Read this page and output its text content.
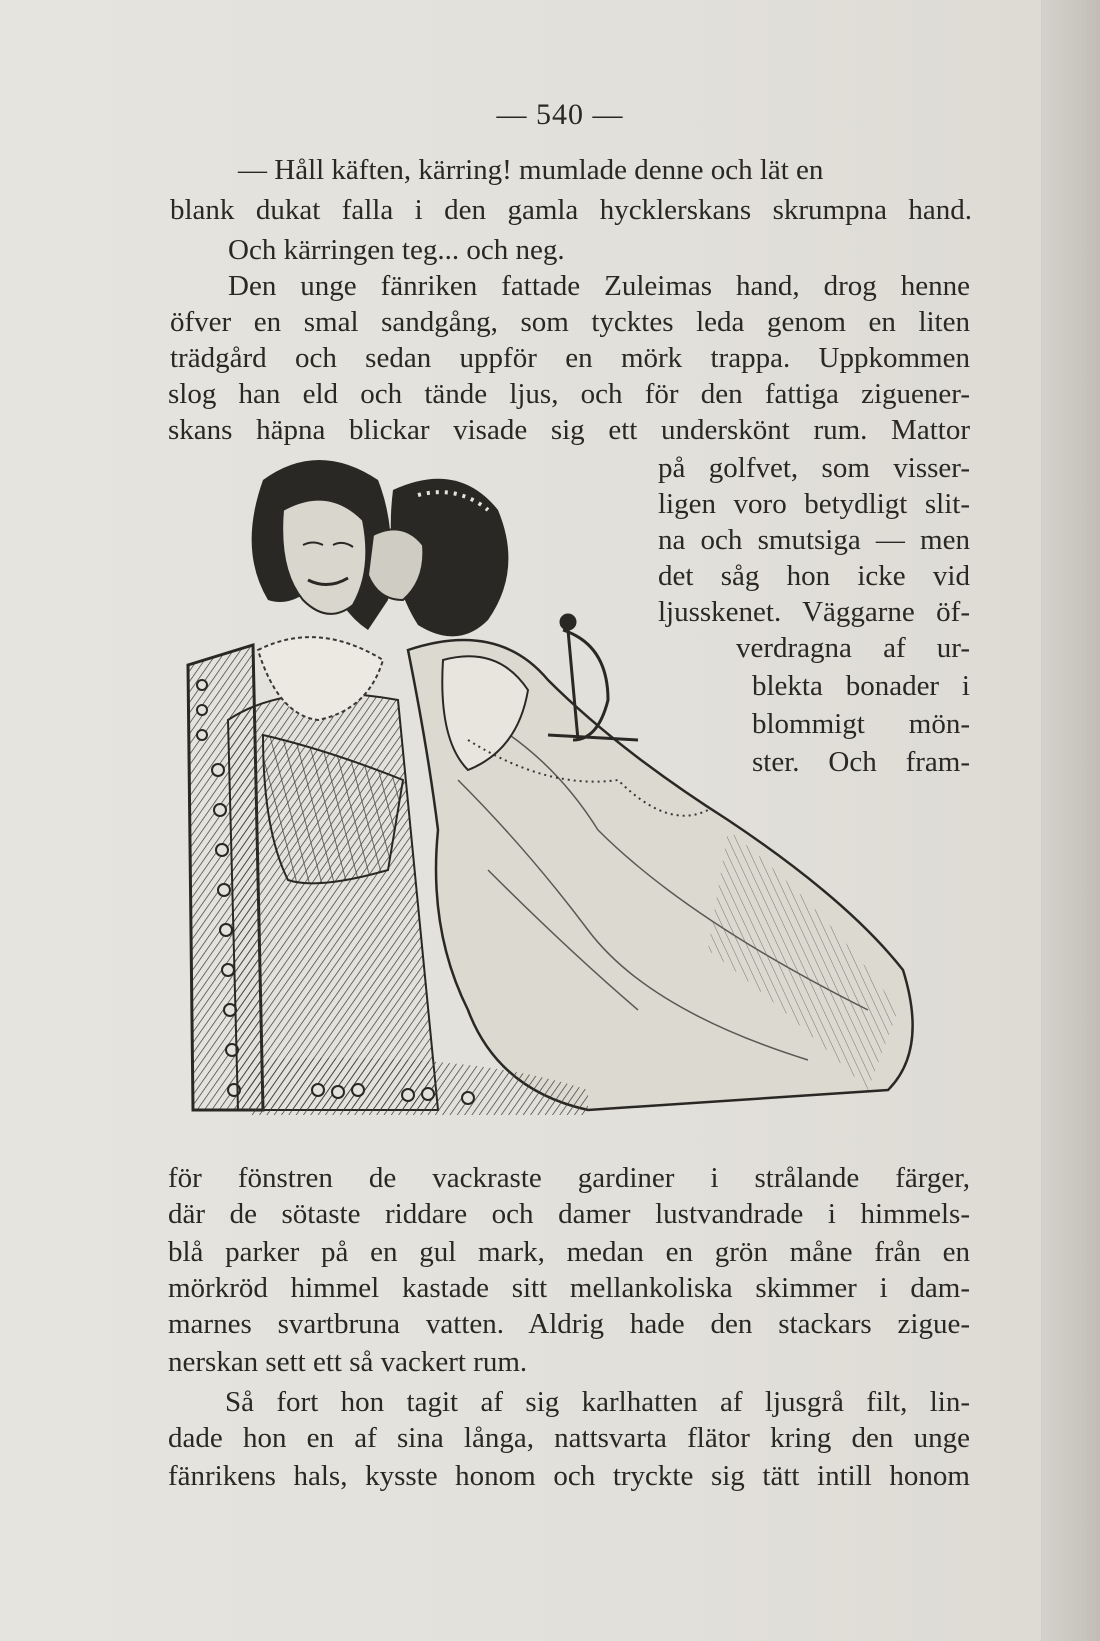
— 540 —
— Håll käften, kärring! mumlade denne och lät en
blank dukat falla i den gamla hycklerskans skrumpna hand.
Och kärringen teg... och neg.
Den unge fänriken fattade Zuleimas hand, drog henne
öfver en smal sandgång, som tycktes leda genom en liten
trädgård och sedan uppför en mörk trappa. Uppkommen
slog han eld och tände ljus, och för den fattiga ziguener-
skans häpna blickar visade sig ett underskönt rum. Mattor
på golfvet, som visser-
ligen voro betydligt slit-
na och smutsiga — men
det såg hon icke vid
ljusskenet. Väggarne öf-
verdragna af ur-
blekta bonader i
blommigt mön-
ster. Och fram-
för fönstren de vackraste gardiner i strålande färger,
där de sötaste riddare och damer lustvandrade i himmels-
blå parker på en gul mark, medan en grön måne från en
mörkröd himmel kastade sitt mellankoliska skimmer i dam-
marnes svartbruna vatten. Aldrig hade den stackars zigue-
nerskan sett ett så vackert rum.
Så fort hon tagit af sig karlhatten af ljusgrå filt, lin-
dade hon en af sina långa, nattsvarta flätor kring den unge
fänrikens hals, kysste honom och tryckte sig tätt intill honom
